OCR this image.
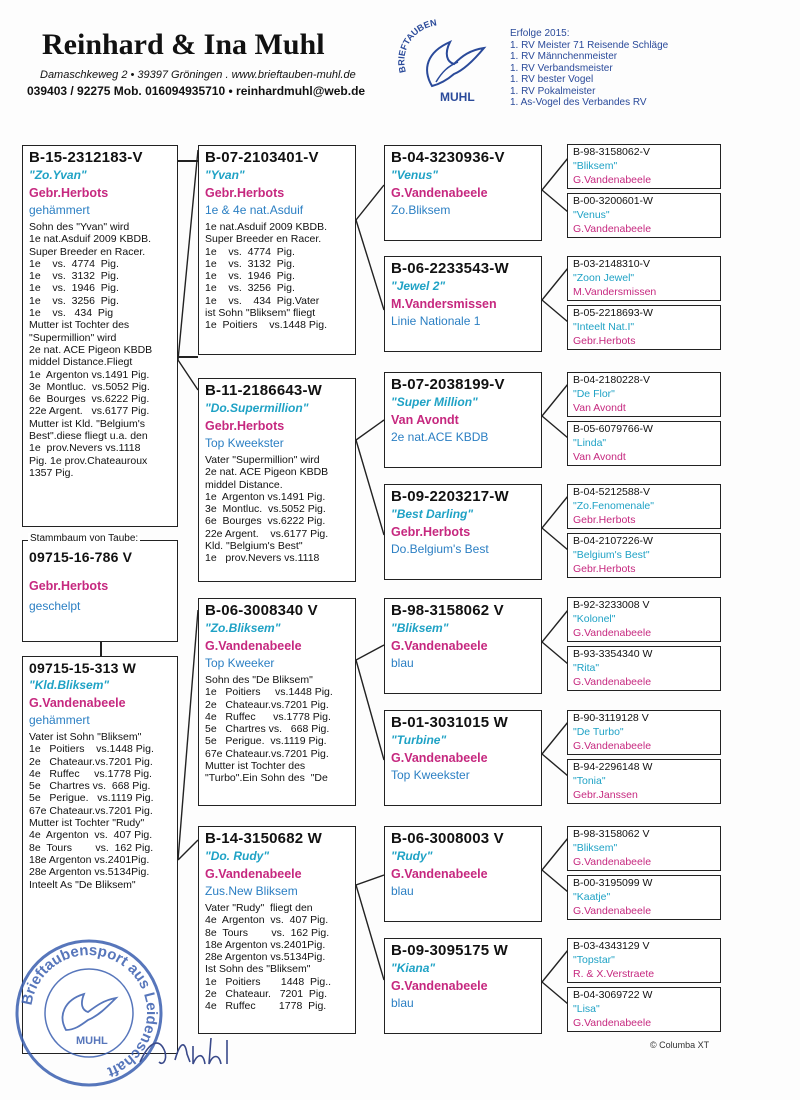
Reinhard & Ina Muhl
Damaschkeweg 2 • 39397 Gröningen . www.brieftauben-muhl.de
039403 / 92275 Mob. 016094935710 • reinhardmuhl@web.de
BRIEFTAUBEN
MUHL
Erfolge 2015:
1. RV Meister 71 Reisende Schläge
1. RV Männchenmeister
1. RV Verbandsmeister
1. RV bester Vogel
1. RV Pokalmeister
1. As-Vogel des Verbandes RV
B-15-2312183-V
"Zo.Yvan"
Gebr.Herbots
gehämmert
Sohn des "Yvan" wird
1e nat.Asduif 2009 KBDB.
Super Breeder en Racer.
1e    vs.  4774  Pig.
1e    vs.  3132  Pig.
1e    vs.  1946  Pig.
1e    vs.  3256  Pig.
1e    vs.   434  Pig
Mutter ist Tochter des
"Supermillion" wird
2e nat. ACE Pigeon KBDB
middel Distance.Fliegt
1e  Argenton vs.1491 Pig.
3e  Montluc.  vs.5052 Pig.
6e  Bourges  vs.6222 Pig.
22e Argent.   vs.6177 Pig.
Mutter ist Kld. "Belgium's
Best".diese fliegt u.a. den
1e  prov.Nevers vs.1118
Pig. 1e prov.Chateauroux
1357 Pig.
09715-16-786 V
Gebr.Herbots
geschelpt
Stammbaum von Taube:
09715-15-313 W
"Kld.Bliksem"
G.Vandenabeele
gehämmert
Vater ist Sohn "Bliksem"
1e   Poitiers    vs.1448 Pig.
2e   Chateaur.vs.7201 Pig.
4e   Ruffec     vs.1778 Pig.
5e   Chartres vs.  668 Pig.
5e   Perigue.   vs.1119 Pig.
67e Chateaur.vs.7201 Pig.
Mutter ist Tochter "Rudy"
4e  Argenton  vs.  407 Pig.
8e  Tours        vs.  162 Pig.
18e Argenton vs.2401Pig.
28e Argenton vs.5134Pig.
Inteelt As "De Bliksem"
B-07-2103401-V
"Yvan"
Gebr.Herbots
1e & 4e nat.Asduif
1e nat.Asduif 2009 KBDB.
Super Breeder en Racer.
1e    vs.  4774  Pig.
1e    vs.  3132  Pig.
1e    vs.  1946  Pig.
1e    vs.  3256  Pig.
1e    vs.    434  Pig.Vater
ist Sohn "Bliksem" fliegt
1e  Poitiers    vs.1448 Pig.
B-11-2186643-W
"Do.Supermillion"
Gebr.Herbots
Top Kweekster
Vater "Supermillion" wird
2e nat. ACE Pigeon KBDB
middel Distance.
1e  Argenton vs.1491 Pig.
3e  Montluc.  vs.5052 Pig.
6e  Bourges  vs.6222 Pig.
22e Argent.    vs.6177 Pig.
Kld. "Belgium's Best"
1e   prov.Nevers vs.1118
B-06-3008340 V
"Zo.Bliksem"
G.Vandenabeele
Top Kweeker
Sohn des "De Bliksem"
1e   Poitiers     vs.1448 Pig.
2e   Chateaur.vs.7201 Pig.
4e   Ruffec      vs.1778 Pig.
5e   Chartres vs.   668 Pig.
5e   Perigue.  vs.1119 Pig.
67e Chateaur.vs.7201 Pig.
Mutter ist Tochter des
"Turbo".Ein Sohn des  "De
B-14-3150682 W
"Do. Rudy"
G.Vandenabeele
Zus.New Bliksem
Vater "Rudy"  fliegt den
4e  Argenton  vs.  407 Pig.
8e  Tours        vs.  162 Pig.
18e Argenton vs.2401Pig.
28e Argenton vs.5134Pig.
Ist Sohn des "Bliksem"
1e   Poitiers       1448  Pig..
2e   Chateaur.   7201  Pig.
4e   Ruffec        1778  Pig.
B-04-3230936-V
"Venus"
G.Vandenabeele
Zo.Bliksem
B-06-2233543-W
"Jewel 2"
M.Vandersmissen
Linie Nationale 1
B-07-2038199-V
"Super Million"
Van Avondt
2e nat.ACE KBDB
B-09-2203217-W
"Best Darling"
Gebr.Herbots
Do.Belgium's Best
B-98-3158062 V
"Bliksem"
G.Vandenabeele
blau
B-01-3031015 W
"Turbine"
G.Vandenabeele
Top Kweekster
B-06-3008003 V
"Rudy"
G.Vandenabeele
blau
B-09-3095175 W
"Kiana"
G.Vandenabeele
blau
B-98-3158062-V
"Bliksem"
G.Vandenabeele
B-00-3200601-W
"Venus"
G.Vandenabeele
B-03-2148310-V
"Zoon Jewel"
M.Vandersmissen
B-05-2218693-W
"Inteelt Nat.I"
Gebr.Herbots
B-04-2180228-V
"De Flor"
Van Avondt
B-05-6079766-W
"Linda"
Van Avondt
B-04-5212588-V
"Zo.Fenomenale"
Gebr.Herbots
B-04-2107226-W
"Belgium's Best"
Gebr.Herbots
B-92-3233008 V
"Kolonel"
G.Vandenabeele
B-93-3354340 W
"Rita"
G.Vandenabeele
B-90-3119128 V
"De Turbo"
G.Vandenabeele
B-94-2296148 W
"Tonia"
Gebr.Janssen
B-98-3158062 V
"Bliksem"
G.Vandenabeele
B-00-3195099 W
"Kaatje"
G.Vandenabeele
B-03-4343129 V
"Topstar"
R. & X.Verstraete
B-04-3069722 W
"Lisa"
G.Vandenabeele
Brieftaubensport aus Leidenschaft
MUHL	© Columba XT
